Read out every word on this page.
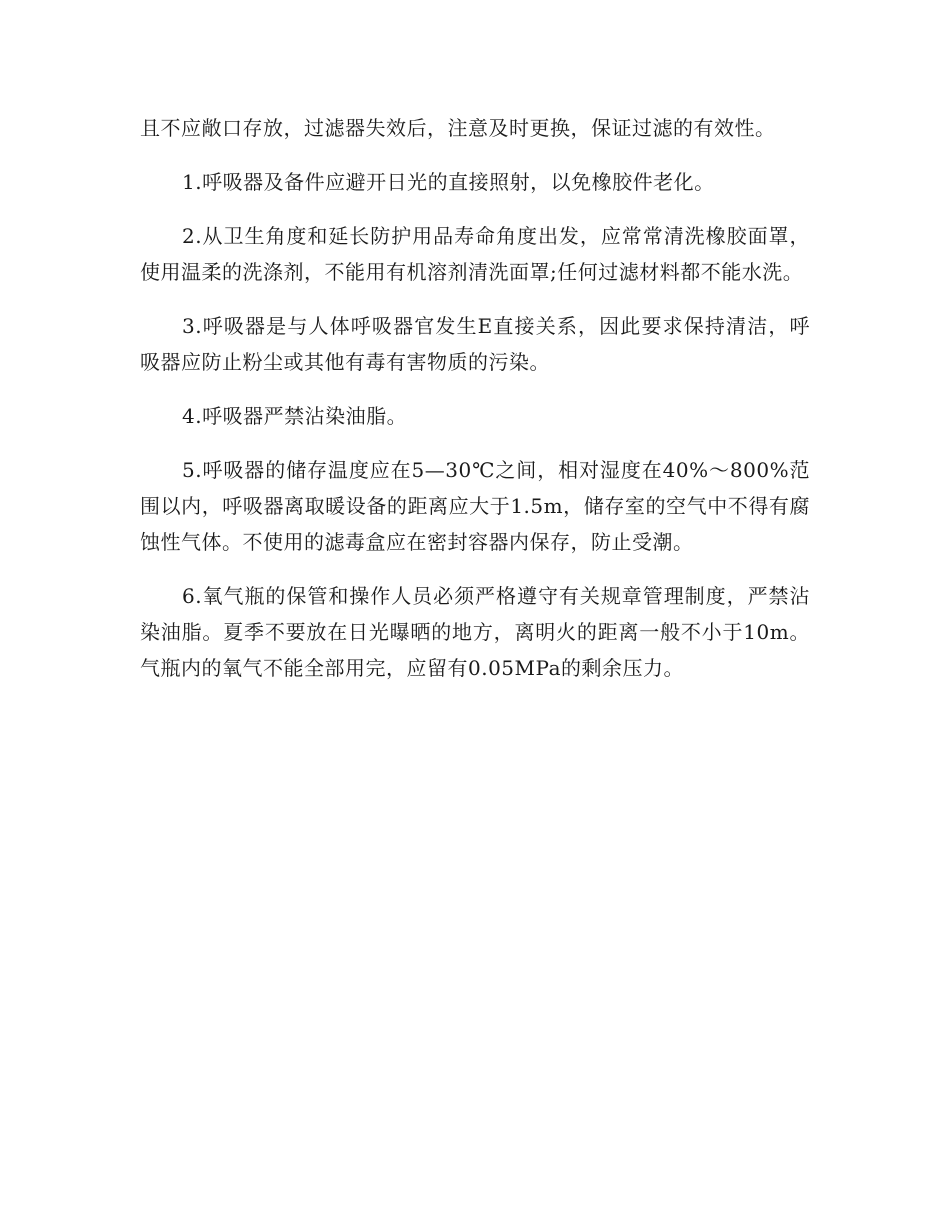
且不应敞口存放，过滤器失效后，注意及时更换，保证过滤的有效性。

1.呼吸器及备件应避开日光的直接照射，以免橡胶件老化。

2.从卫生角度和延长防护用品寿命角度出发，应常常清洗橡胶面罩，使用温柔的洗涤剂，不能用有机溶剂清洗面罩;任何过滤材料都不能水洗。

3.呼吸器是与人体呼吸器官发生E直接关系，因此要求保持清洁，呼吸器应防止粉尘或其他有毒有害物质的污染。

4.呼吸器严禁沾染油脂。

5.呼吸器的储存温度应在5—30℃之间，相对湿度在40%～800%范围以内，呼吸器离取暖设备的距离应大于1.5m，储存室的空气中不得有腐蚀性气体。不使用的滤毒盒应在密封容器内保存，防止受潮。

6.氧气瓶的保管和操作人员必须严格遵守有关规章管理制度，严禁沾染油脂。夏季不要放在日光曝晒的地方，离明火的距离一般不小于10m。气瓶内的氧气不能全部用完，应留有0.05MPa的剩余压力。
